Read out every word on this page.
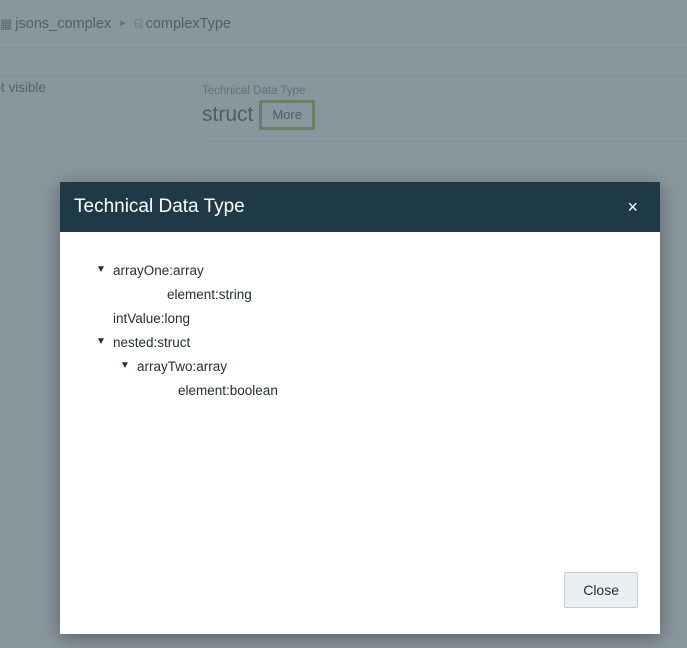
Technical Data Type	×
▼ arrayOne:array
element:string
intValue:long
▼ nested:struct
▼ arrayTwo:array
element:boolean
Close
